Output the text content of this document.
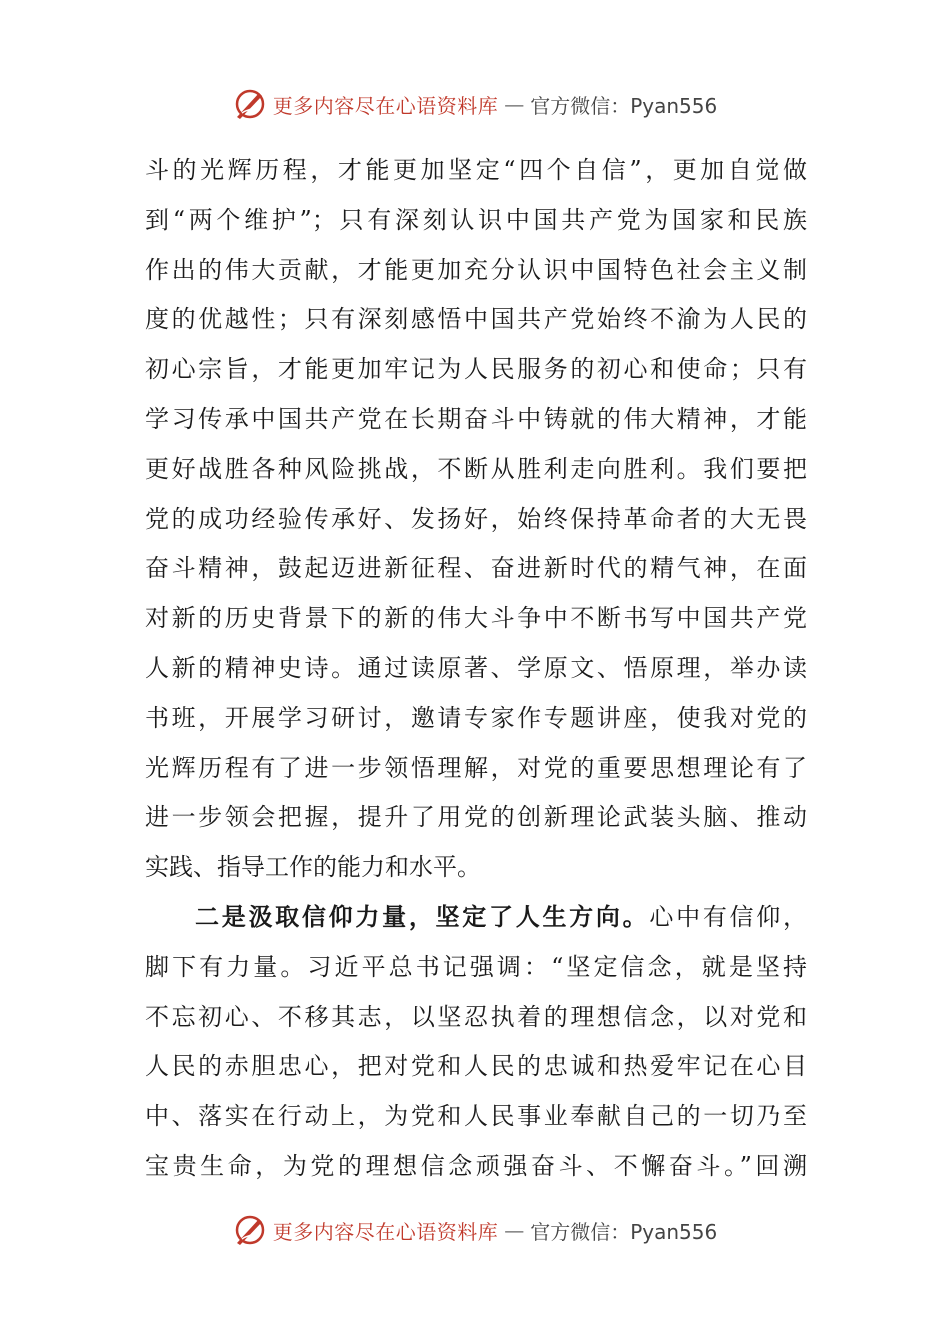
更多内容尽在心语资料库 — 官方微信：Pyan556
斗的光辉历程，才能更加坚定“四个自信”，更加自觉做
到“两个维护”；只有深刻认识中国共产党为国家和民族
作出的伟大贡献，才能更加充分认识中国特色社会主义制
度的优越性；只有深刻感悟中国共产党始终不渝为人民的
初心宗旨，才能更加牢记为人民服务的初心和使命；只有
学习传承中国共产党在长期奋斗中铸就的伟大精神，才能
更好战胜各种风险挑战，不断从胜利走向胜利。我们要把
党的成功经验传承好、发扬好，始终保持革命者的大无畏
奋斗精神，鼓起迈进新征程、奋进新时代的精气神，在面
对新的历史背景下的新的伟大斗争中不断书写中国共产党
人新的精神史诗。通过读原著、学原文、悟原理，举办读
书班，开展学习研讨，邀请专家作专题讲座，使我对党的
光辉历程有了进一步领悟理解，对党的重要思想理论有了
进一步领会把握，提升了用党的创新理论武装头脑、推动
实践、指导工作的能力和水平。
二是汲取信仰力量，坚定了人生方向。心中有信仰，
脚下有力量。习近平总书记强调：“坚定信念，就是坚持
不忘初心、不移其志，以坚忍执着的理想信念，以对党和
人民的赤胆忠心，把对党和人民的忠诚和热爱牢记在心目
中、落实在行动上，为党和人民事业奉献自己的一切乃至
宝贵生命，为党的理想信念顽强奋斗、不懈奋斗。”回溯
更多内容尽在心语资料库 — 官方微信：Pyan556
